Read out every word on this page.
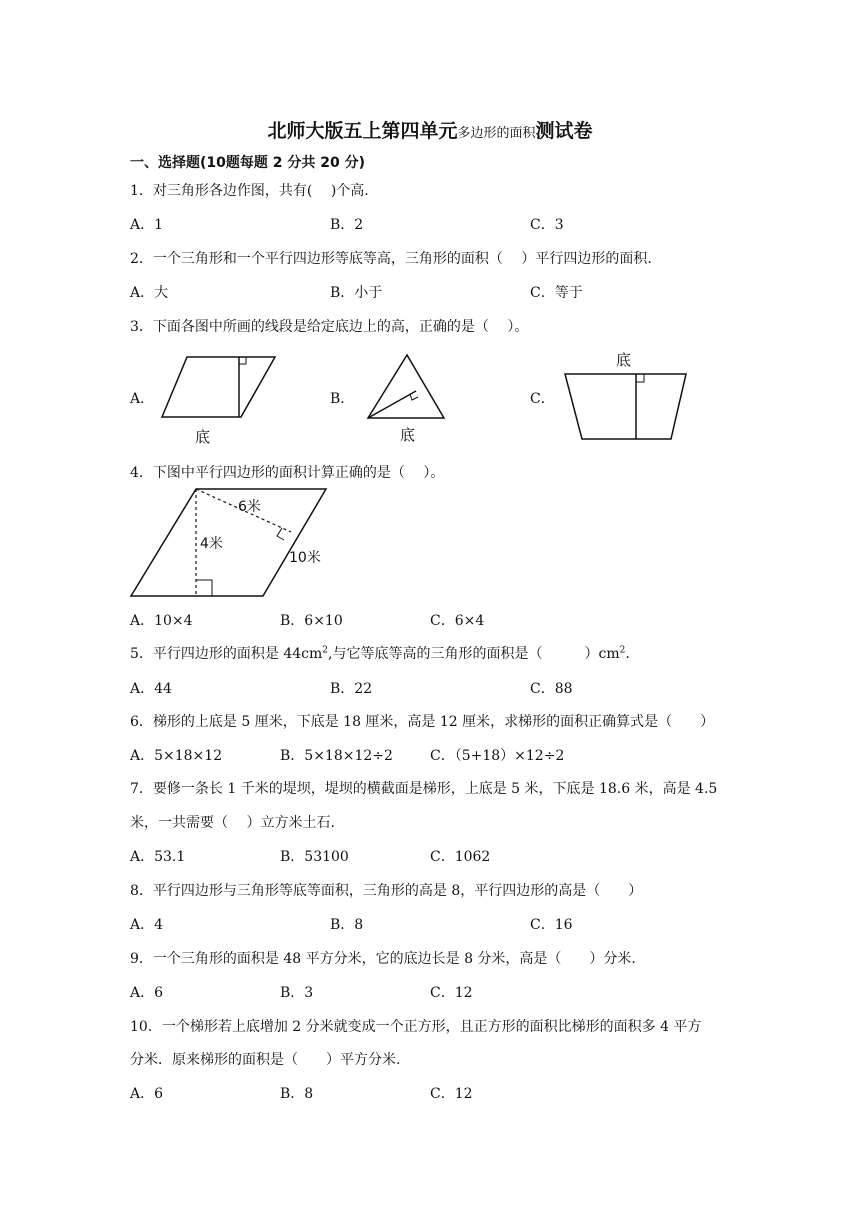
北师大版五上第四单元多边形的面积测试卷
一、选择题(10题每题 2 分共 20 分)
1．对三角形各边作图，共有(　 )个高.
A．1	B．2	C．3
2．一个三角形和一个平行四边形等底等高，三角形的面积（　 ）平行四边形的面积.
A．大	B．小于	C．等于
3．下面各图中所画的线段是给定底边上的高，正确的是（　 ）。
A．	B．	C．
底	底
底
4．下图中平行四边形的面积计算正确的是（　 ）。
6米
4米
10米
A．10×4	B．6×10	C．6×4
5．平行四边形的面积是 $44cm^2$,与它等底等高的三角形的面积是（　　　）$cm^2$.
A．44	B．22	C．88
6．梯形的上底是 5 厘米，下底是 18 厘米，高是 12 厘米，求梯形的面积正确算式是（　　）
A．5×18×12	B．5×18×12÷2	C．（5+18）×12÷2
7．要修一条长 1 千米的堤坝，堤坝的横截面是梯形，上底是 5 米，下底是 18.6 米，高是 4.5
米，一共需要（　 ）立方米土石.
A．53.1	B．53100	C．1062
8．平行四边形与三角形等底等面积，三角形的高是 8，平行四边形的高是（　　）
A．4	B．8	C．16
9．一个三角形的面积是 48 平方分米，它的底边长是 8 分米，高是（　　）分米.
A．6	B．3	C．12
10．一个梯形若上底增加 2 分米就变成一个正方形，且正方形的面积比梯形的面积多 4 平方
分米．原来梯形的面积是（　　）平方分米.
A．6	B．8	C．12
